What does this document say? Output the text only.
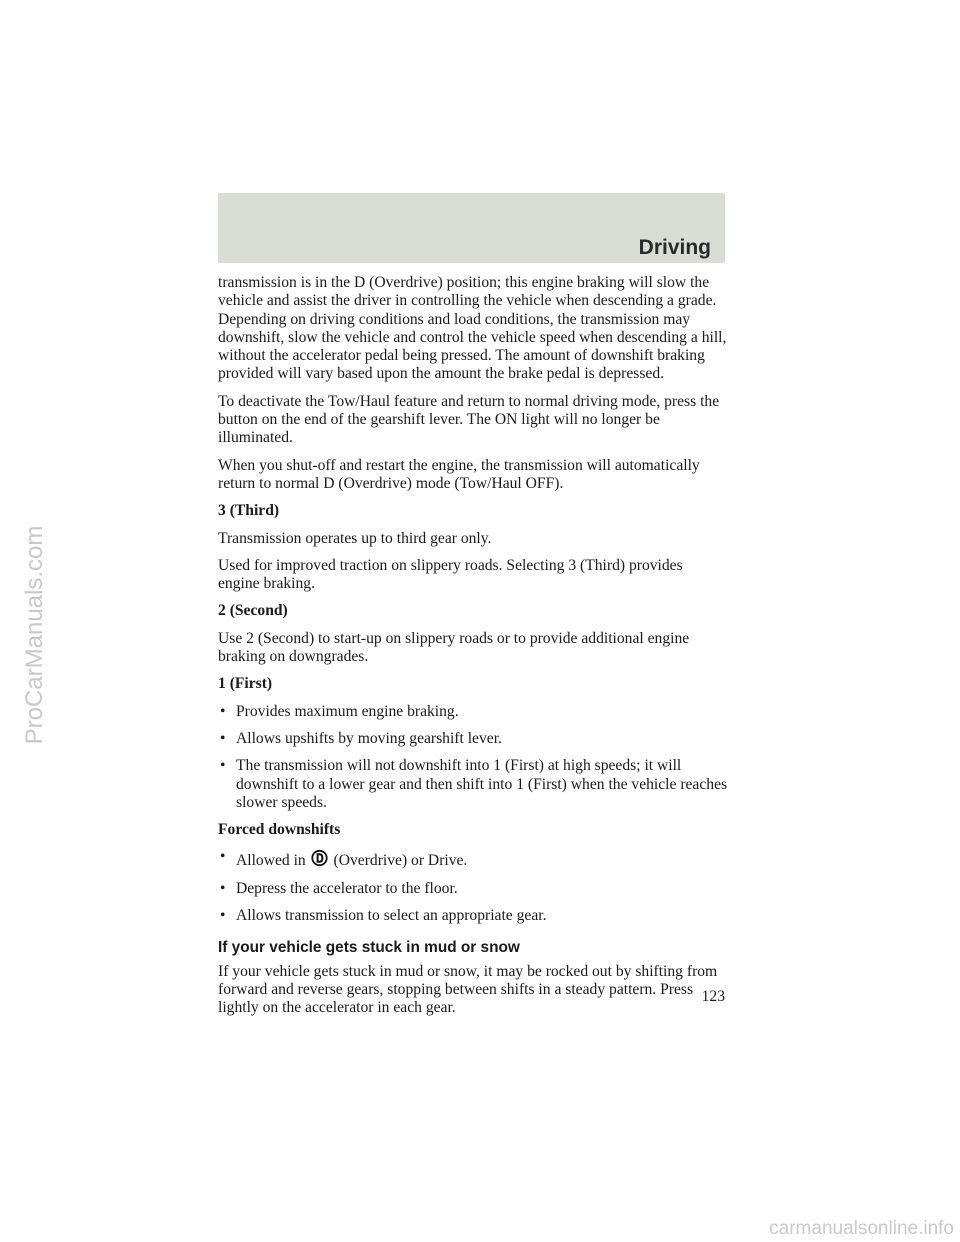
Driving

transmission is in the D (Overdrive) position; this engine braking will slow the vehicle and assist the driver in controlling the vehicle when descending a grade. Depending on driving conditions and load conditions, the transmission may downshift, slow the vehicle and control the vehicle speed when descending a hill, without the accelerator pedal being pressed. The amount of downshift braking provided will vary based upon the amount the brake pedal is depressed.

To deactivate the Tow/Haul feature and return to normal driving mode, press the button on the end of the gearshift lever. The ON light will no longer be illuminated.

When you shut-off and restart the engine, the transmission will automatically return to normal D (Overdrive) mode (Tow/Haul OFF).

3 (Third)

Transmission operates up to third gear only.

Used for improved traction on slippery roads. Selecting 3 (Third) provides engine braking.

2 (Second)

Use 2 (Second) to start-up on slippery roads or to provide additional engine braking on downgrades.

1 (First)
• Provides maximum engine braking.
• Allows upshifts by moving gearshift lever.
• The transmission will not downshift into 1 (First) at high speeds; it will downshift to a lower gear and then shift into 1 (First) when the vehicle reaches slower speeds.
Forced downshifts
• Allowed in (Overdrive) or Drive.
• Depress the accelerator to the floor.
• Allows transmission to select an appropriate gear.
If your vehicle gets stuck in mud or snow

If your vehicle gets stuck in mud or snow, it may be rocked out by shifting from forward and reverse gears, stopping between shifts in a steady pattern. Press lightly on the accelerator in each gear.

123
ProCarManuals.com
carmanualsonline.info
